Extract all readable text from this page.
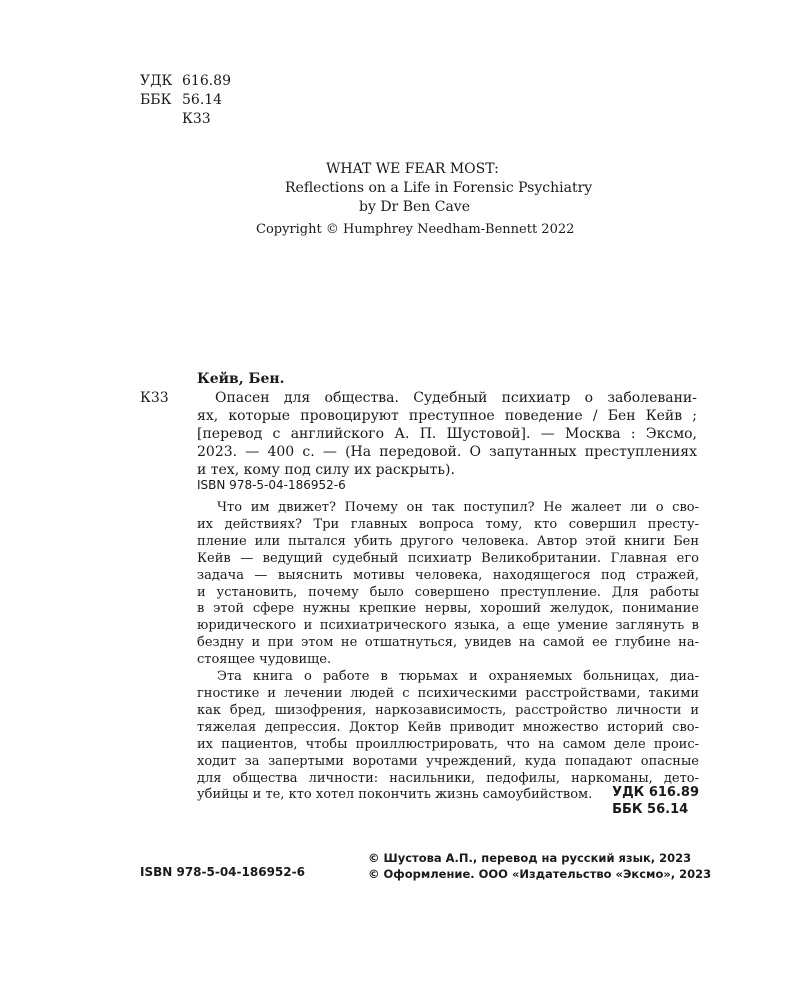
УДК 616.89
ББК 56.14
К33
WHAT WE FEAR MOST:
Reflections on a Life in Forensic Psychiatry
by Dr Ben Cave
Copyright © Humphrey Needham-Bennett 2022
Кейв, Бен.
К33	Опасен для общества. Судебный психиатр о заболевани-
ях, которые провоцируют преступное поведение / Бен Кейв ;
[перевод с английского А. П. Шустовой]. — Москва : Эксмо,
2023. — 400 с. — (На передовой. О запутанных преступлениях
и тех, кому под силу их раскрыть).
ISBN 978-5-04-186952-6
Что им движет? Почему он так поступил? Не жалеет ли о сво-
их действиях? Три главных вопроса тому, кто совершил престу-
пление или пытался убить другого человека. Автор этой книги Бен
Кейв — ведущий судебный психиатр Великобритании. Главная его
задача — выяснить мотивы человека, находящегося под стражей,
и установить, почему было совершено преступление. Для работы
в этой сфере нужны крепкие нервы, хороший желудок, понимание
юридического и психиатрического языка, а еще умение заглянуть в
бездну и при этом не отшатнуться, увидев на самой ее глубине на-
стоящее чудовище.
Эта книга о работе в тюрьмах и охраняемых больницах, диа-
гностике и лечении людей с психическими расстройствами, такими
как бред, шизофрения, наркозависимость, расстройство личности и
тяжелая депрессия. Доктор Кейв приводит множество историй сво-
их пациентов, чтобы проиллюстрировать, что на самом деле проис-
ходит за запертыми воротами учреждений, куда попадают опасные
для общества личности: насильники, педофилы, наркоманы, дето-
убийцы и те, кто хотел покончить жизнь самоубийством.	УДК 616.89
ББК 56.14
© Шустова А.П., перевод на русский язык, 2023
© Оформление. ООО «Издательство «Эксмо», 2023
ISBN 978-5-04-186952-6
